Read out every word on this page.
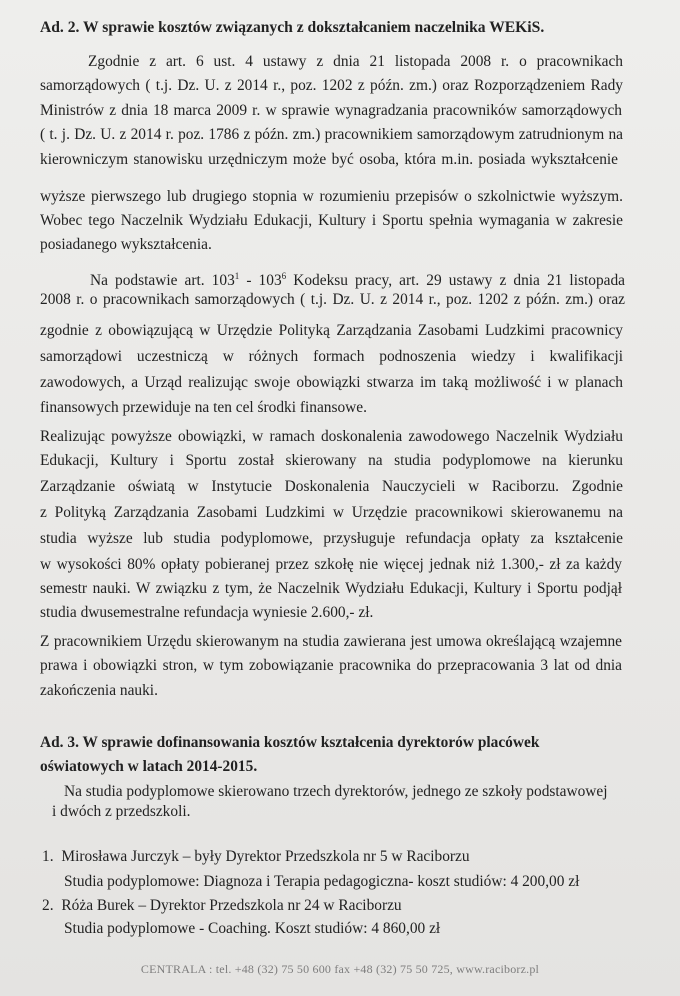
Ad. 2. W sprawie kosztów związanych z dokształcaniem naczelnika WEKiS.
Zgodnie z art. 6 ust. 4 ustawy z dnia 21 listopada 2008 r. o pracownikach
samorządowych ( t.j. Dz. U. z 2014 r., poz. 1202 z późn. zm.) oraz Rozporządzeniem Rady
Ministrów z dnia 18 marca 2009 r. w sprawie wynagradzania pracowników samorządowych
( t. j. Dz. U. z 2014 r. poz. 1786 z późn. zm.) pracownikiem samorządowym zatrudnionym na
kierowniczym stanowisku urzędniczym może być osoba, która m.in. posiada wykształcenie
wyższe pierwszego lub drugiego stopnia w rozumieniu przepisów o szkolnictwie wyższym.
Wobec tego Naczelnik Wydziału Edukacji, Kultury i Sportu spełnia wymagania w zakresie
posiadanego wykształcenia.
Na podstawie art. $103^1 - 103^6$ Kodeksu pracy, art. 29 ustawy z dnia 21 listopada
2008 r. o pracownikach samorządowych ( t.j. Dz. U. z 2014 r., poz. 1202 z późn. zm.) oraz
zgodnie z obowiązującą w Urzędzie Polityką Zarządzania Zasobami Ludzkimi pracownicy
samorządowi uczestniczą w różnych formach podnoszenia wiedzy i kwalifikacji
zawodowych, a Urząd realizując swoje obowiązki stwarza im taką możliwość i w planach
finansowych przewiduje na ten cel środki finansowe.
Realizując powyższe obowiązki, w ramach doskonalenia zawodowego Naczelnik Wydziału
Edukacji, Kultury i Sportu został skierowany na studia podyplomowe na kierunku
Zarządzanie oświatą w Instytucie Doskonalenia Nauczycieli w Raciborzu. Zgodnie
z Polityką Zarządzania Zasobami Ludzkimi w Urzędzie pracownikowi skierowanemu na
studia wyższe lub studia podyplomowe, przysługuje refundacja opłaty za kształcenie
w wysokości 80% opłaty pobieranej przez szkołę nie więcej jednak niż 1.300,- zł za każdy
semestr nauki. W związku z tym, że Naczelnik Wydziału Edukacji, Kultury i Sportu podjął
studia dwusemestralne refundacja wyniesie 2.600,- zł.
Z pracownikiem Urzędu skierowanym na studia zawierana jest umowa określającą wzajemne
prawa i obowiązki stron, w tym zobowiązanie pracownika do przepracowania 3 lat od dnia
zakończenia nauki.
Ad. 3. W sprawie dofinansowania kosztów kształcenia dyrektorów placówek
oświatowych w latach 2014-2015.
Na studia podyplomowe skierowano trzech dyrektorów, jednego ze szkoły podstawowej
i dwóch z przedszkoli.
1. Mirosława Jurczyk – były Dyrektor Przedszkola nr 5 w Raciborzu
Studia podyplomowe: Diagnoza i Terapia pedagogiczna- koszt studiów: 4 200,00 zł
2. Róża Burek – Dyrektor Przedszkola nr 24 w Raciborzu
Studia podyplomowe - Coaching. Koszt studiów: 4 860,00 zł
CENTRALA : tel. +48 (32) 75 50 600 fax +48 (32) 75 50 725, www.raciborz.pl
